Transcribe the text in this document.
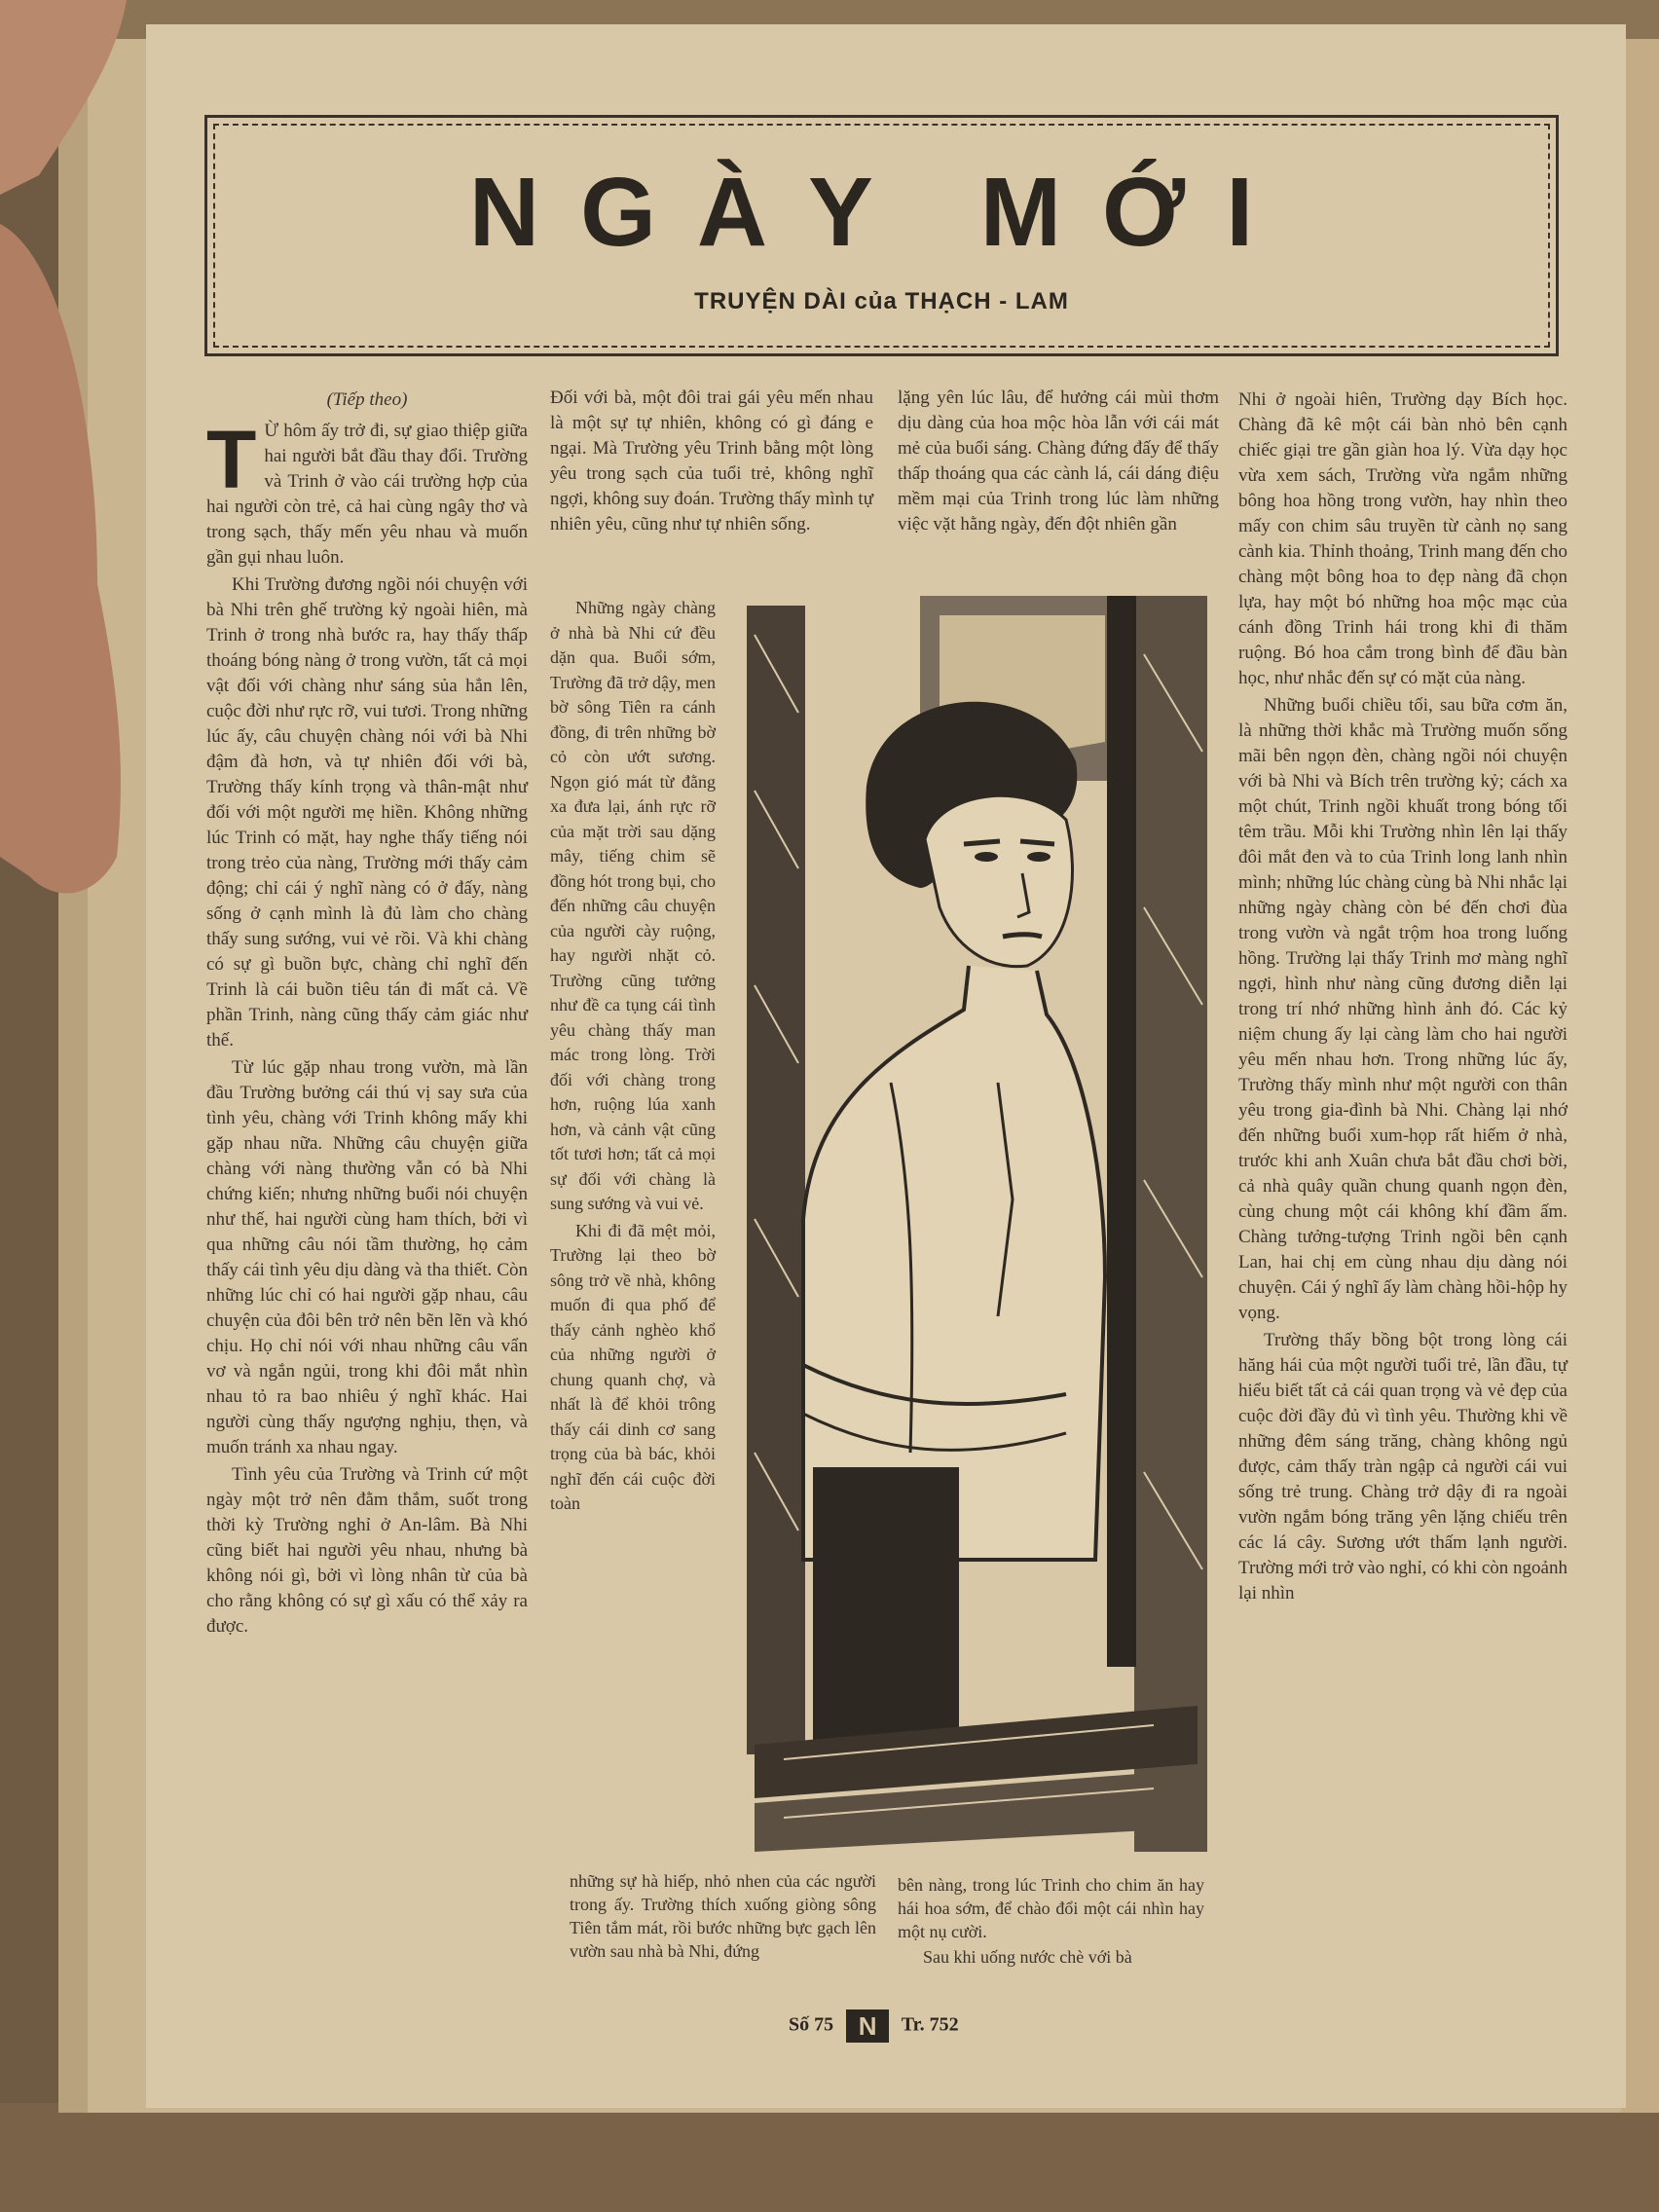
NGÀY MỚI
TRUYỆN DÀI của THẠCH - LAM

(Tiếp theo)

T Ừ hôm ấy trở đi, sự giao thiệp giữa hai người bắt đầu thay đổi. Trường và Trinh ở vào cái trường hợp của hai người còn trẻ, cả hai cùng ngây thơ và trong sạch, thấy mến yêu nhau và muốn gần gụi nhau luôn.

Khi Trường đương ngồi nói chuyện với bà Nhi trên ghế trường kỷ ngoài hiên, mà Trinh ở trong nhà bước ra, hay thấy thấp thoáng bóng nàng ở trong vườn, tất cả mọi vật đối với chàng như sáng sủa hẳn lên, cuộc đời như rực rỡ, vui tươi. Trong những lúc ấy, câu chuyện chàng nói với bà Nhi đậm đà hơn, và tự nhiên đối với bà, Trường thấy kính trọng và thân-mật như đối với một người mẹ hiền. Không những lúc Trinh có mặt, hay nghe thấy tiếng nói trong trẻo của nàng, Trường mới thấy cảm động; chỉ cái ý nghĩ nàng có ở đấy, nàng sống ở cạnh mình là đủ làm cho chàng thấy sung sướng, vui vẻ rồi. Và khi chàng có sự gì buồn bực, chàng chỉ nghĩ đến Trinh là cái buồn tiêu tán đi mất cả. Về phần Trinh, nàng cũng thấy cảm giác như thế.

Từ lúc gặp nhau trong vườn, mà lần đầu Trường bưởng cái thú vị say sưa của tình yêu, chàng với Trinh không mấy khi gặp nhau nữa. Những câu chuyện giữa chàng với nàng thường vẫn có bà Nhi chứng kiến; nhưng những buổi nói chuyện như thế, hai người cùng ham thích, bởi vì qua những câu nói tầm thường, họ cảm thấy cái tình yêu dịu dàng và tha thiết. Còn những lúc chỉ có hai người gặp nhau, câu chuyện của đôi bên trở nên bẽn lẽn và khó chịu. Họ chỉ nói với nhau những câu vẩn vơ và ngắn ngủi, trong khi đôi mắt nhìn nhau tỏ ra bao nhiêu ý nghĩ khác. Hai người cùng thấy ngượng nghịu, thẹn, và muốn tránh xa nhau ngay.

Tình yêu của Trường và Trinh cứ một ngày một trở nên đằm thắm, suốt trong thời kỳ Trường nghỉ ở An-lâm. Bà Nhi cũng biết hai người yêu nhau, nhưng bà không nói gì, bởi vì lòng nhân từ của bà cho rằng không có sự gì xấu có thể xảy ra được.

Đối với bà, một đôi trai gái yêu mến nhau là một sự tự nhiên, không có gì đáng e ngại. Mà Trường yêu Trinh bằng một lòng yêu trong sạch của tuổi trẻ, không nghĩ ngợi, không suy đoán. Trường thấy mình tự nhiên yêu, cũng như tự nhiên sống.

Những ngày chàng ở nhà bà Nhi cứ đều dặn qua. Buổi sớm, Trường đã trở dậy, men bờ sông Tiên ra cánh đồng, đi trên những bờ cỏ còn ướt sương. Ngọn gió mát từ đằng xa đưa lại, ánh rực rỡ của mặt trời sau dặng mây, tiếng chim sẽ đồng hót trong bụi, cho đến những câu chuyện của người cày ruộng, hay người nhặt cỏ. Trường cũng tưởng như đề ca tụng cái tình yêu chàng thấy man mác trong lòng. Trời đối với chàng trong hơn, ruộng lúa xanh hơn, và cảnh vật cũng tốt tươi hơn; tất cả mọi sự đối với chàng là sung sướng và vui vẻ.

Khi đi đã mệt mỏi, Trường lại theo bờ sông trở về nhà, không muốn đi qua phố để thấy cảnh nghèo khổ của những người ở chung quanh chợ, và nhất là để khỏi trông thấy cái dinh cơ sang trọng của bà bác, khỏi nghĩ đến cái cuộc đời toàn

những sự hà hiếp, nhỏ nhen của các người trong ấy. Trường thích xuống giòng sông Tiên tắm mát, rồi bước những bực gạch lên vườn sau nhà bà Nhi, đứng

lặng yên lúc lâu, để hưởng cái mùi thơm dịu dàng của hoa mộc hòa lẫn với cái mát mẻ của buổi sáng. Chàng đứng đấy để thấy thấp thoáng qua các cành lá, cái dáng điệu mềm mại của Trinh trong lúc làm những việc vặt hằng ngày, đến đột nhiên gần

bên nàng, trong lúc Trinh cho chim ăn hay hái hoa sớm, để chào đổi một cái nhìn hay một nụ cười.

Sau khi uống nước chè với bà

Nhi ở ngoài hiên, Trường dạy Bích học. Chàng đã kê một cái bàn nhỏ bên cạnh chiếc giại tre gần giàn hoa lý. Vừa dạy học vừa xem sách, Trường vừa ngắm những bông hoa hồng trong vườn, hay nhìn theo mấy con chim sâu truyền từ cành nọ sang cành kia. Thỉnh thoảng, Trinh mang đến cho chàng một bông hoa to đẹp nàng đã chọn lựa, hay một bó những hoa mộc mạc của cánh đồng Trinh hái trong khi đi thăm ruộng. Bó hoa cắm trong bình để đầu bàn học, như nhắc đến sự có mặt của nàng.

Những buổi chiều tối, sau bữa cơm ăn, là những thời khắc mà Trường muốn sống mãi bên ngọn đèn, chàng ngồi nói chuyện với bà Nhi và Bích trên trường kỷ; cách xa một chút, Trinh ngồi khuất trong bóng tối têm trầu. Mỗi khi Trường nhìn lên lại thấy đôi mắt đen và to của Trinh long lanh nhìn mình; những lúc chàng cùng bà Nhi nhắc lại những ngày chàng còn bé đến chơi đùa trong vườn và ngắt trộm hoa trong luống hồng. Trường lại thấy Trinh mơ màng nghĩ ngợi, hình như nàng cũng đương diễn lại trong trí nhớ những hình ảnh đó. Các kỷ niệm chung ấy lại càng làm cho hai người yêu mến nhau hơn. Trong những lúc ấy, Trường thấy mình như một người con thân yêu trong gia-đình bà Nhi. Chàng lại nhớ đến những buổi xum-họp rất hiếm ở nhà, trước khi anh Xuân chưa bắt đầu chơi bời, cả nhà quây quần chung quanh ngọn đèn, cùng chung một cái không khí đầm ấm. Chàng tưởng-tượng Trinh ngồi bên cạnh Lan, hai chị em cùng nhau dịu dàng nói chuyện. Cái ý nghĩ ấy làm chàng hồi-hộp hy vọng.

Trường thấy bồng bột trong lòng cái hăng hái của một người tuổi trẻ, lần đầu, tự hiểu biết tất cả cái quan trọng và vẻ đẹp của cuộc đời đầy đủ vì tình yêu. Thường khi về những đêm sáng trăng, chàng không ngủ được, cảm thấy tràn ngập cả người cái vui sống trẻ trung. Chàng trở dậy đi ra ngoài vườn ngắm bóng trăng yên lặng chiếu trên các lá cây. Sương ướt thấm lạnh người. Trường mới trở vào nghỉ, có khi còn ngoảnh lại nhìn

Số 75 N Tr. 752
